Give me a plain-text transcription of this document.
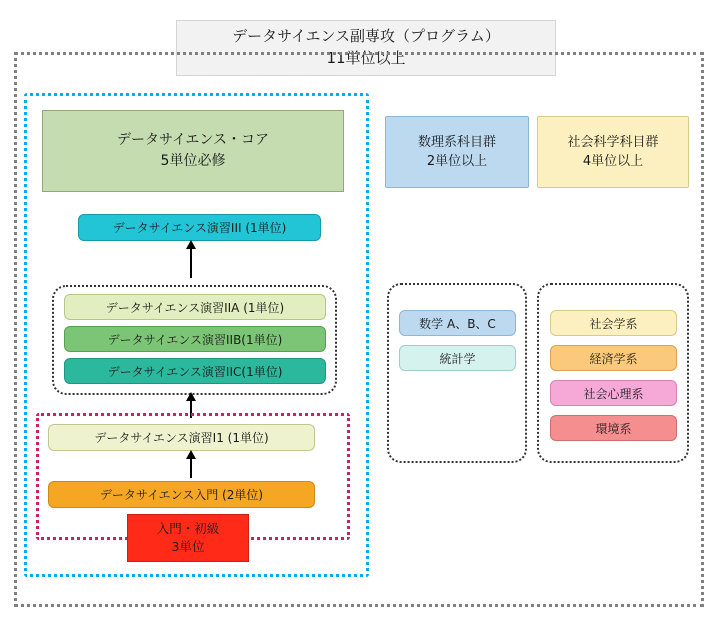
データサイエンス副専攻（プログラム）
11単位以上
データサイエンス・コア
5単位必修
データサイエンス演習III (1単位)
データサイエンス演習IIA (1単位)
データサイエンス演習IIB(1単位)
データサイエンス演習IIC(1単位)
データサイエンス演習I1 (1単位)
データサイエンス入門 (2単位)
入門・初級
3単位
数理系科目群
2単位以上
社会科学科目群
4単位以上
数学 A、B、C
統計学
社会学系
経済学系
社会心理系
環境系
